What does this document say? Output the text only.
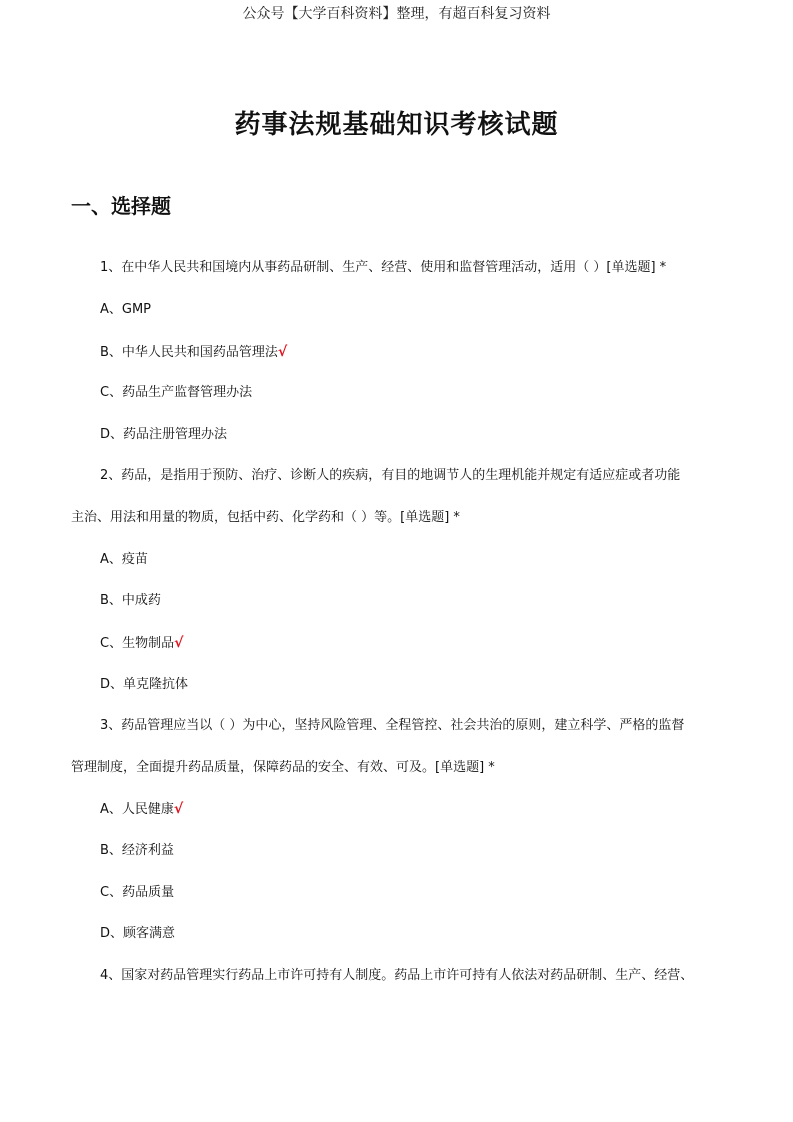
公众号【大学百科资料】整理，有超百科复习资料
药事法规基础知识考核试题
一、选择题
1、在中华人民共和国境内从事药品研制、生产、经营、使用和监督管理活动，适用（ ）[单选题] *
A、GMP
B、中华人民共和国药品管理法√
C、药品生产监督管理办法
D、药品注册管理办法
2、药品，是指用于预防、治疗、诊断人的疾病，有目的地调节人的生理机能并规定有适应症或者功能
主治、用法和用量的物质，包括中药、化学药和（ ）等。[单选题] *
A、疫苗
B、中成药
C、生物制品√
D、单克隆抗体
3、药品管理应当以（ ）为中心，坚持风险管理、全程管控、社会共治的原则，建立科学、严格的监督
管理制度，全面提升药品质量，保障药品的安全、有效、可及。[单选题] *
A、人民健康√
B、经济利益
C、药品质量
D、顾客满意
4、国家对药品管理实行药品上市许可持有人制度。药品上市许可持有人依法对药品研制、生产、经营、
